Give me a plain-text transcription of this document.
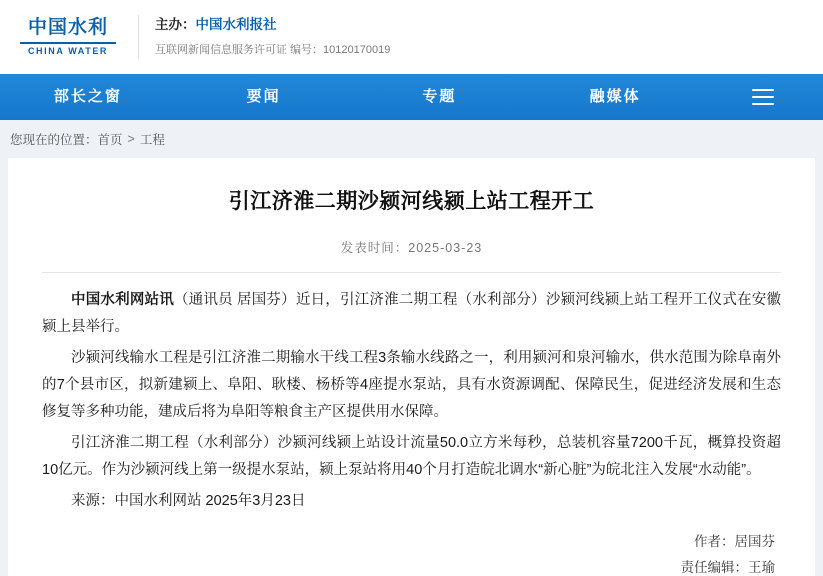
中国水利
CHINA WATER
主办：中国水利报社
互联网新闻信息服务许可证 编号：10120170019
部长之窗	要闻	专题	融媒体
您现在的位置： 首页 > 工程
引江济淮二期沙颍河线颍上站工程开工
发表时间：2025-03-23

中国水利网站讯（通讯员 居国芬）近日，引江济淮二期工程（水利部分）沙颍河线颍上站工程开工仪式在安徽颍上县举行。

沙颍河线输水工程是引江济淮二期输水干线工程3条输水线路之一，利用颍河和泉河输水，供水范围为除阜南外的7个县市区，拟新建颍上、阜阳、耿楼、杨桥等4座提水泵站，具有水资源调配、保障民生，促进经济发展和生态修复等多种功能，建成后将为阜阳等粮食主产区提供用水保障。

引江济淮二期工程（水利部分）沙颍河线颍上站设计流量50.0立方米每秒，总装机容量7200千瓦，概算投资超10亿元。作为沙颍河线上第一级提水泵站，颍上泵站将用40个月打造皖北调水“新心脏”为皖北注入发展“水动能”。

来源：中国水利网站 2025年3月23日

作者：居国芬
责任编辑：王瑜
